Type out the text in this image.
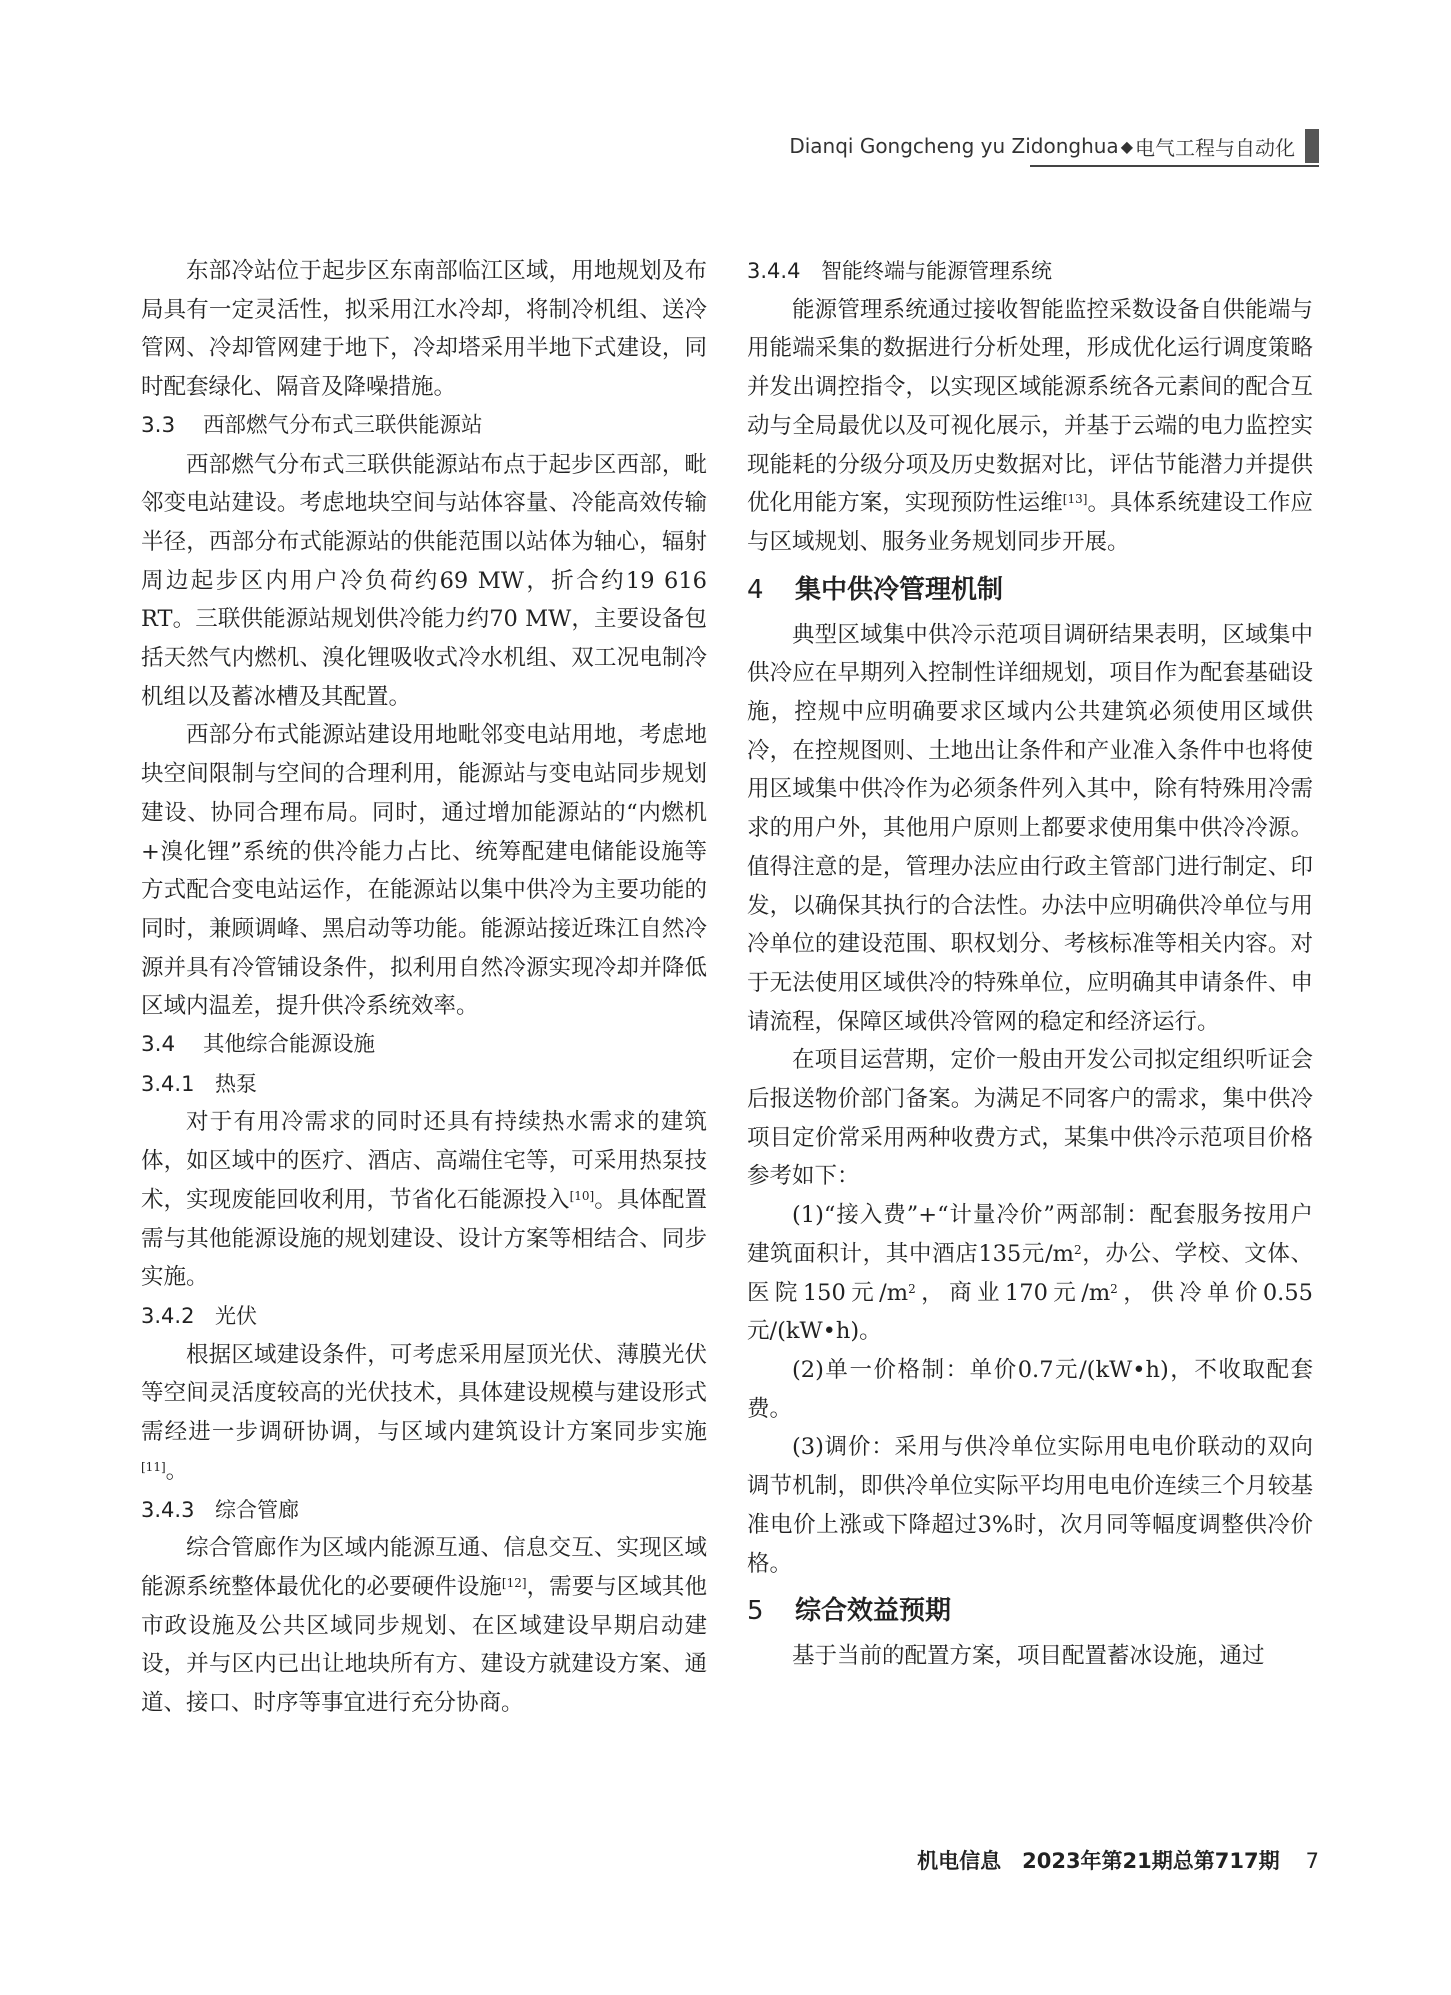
Dianqi Gongcheng yu Zidonghua ◆ 电气工程与自动化

东部冷站位于起步区东南部临江区域，用地规划及布局具有一定灵活性，拟采用江水冷却，将制冷机组、送冷管网、冷却管网建于地下，冷却塔采用半地下式建设，同时配套绿化、隔音及降噪措施。

3.3 西部燃气分布式三联供能源站

西部燃气分布式三联供能源站布点于起步区西部，毗邻变电站建设。考虑地块空间与站体容量、冷能高效传输半径，西部分布式能源站的供能范围以站体为轴心，辐射周边起步区内用户冷负荷约69 MW，折合约19 616 RT。三联供能源站规划供冷能力约70 MW，主要设备包括天然气内燃机、溴化锂吸收式冷水机组、双工况电制冷机组以及蓄冰槽及其配置。

西部分布式能源站建设用地毗邻变电站用地，考虑地块空间限制与空间的合理利用，能源站与变电站同步规划建设、协同合理布局。同时，通过增加能源站的“内燃机+溴化锂”系统的供冷能力占比、统筹配建电储能设施等方式配合变电站运作，在能源站以集中供冷为主要功能的同时，兼顾调峰、黑启动等功能。能源站接近珠江自然冷源并具有冷管铺设条件，拟利用自然冷源实现冷却并降低区域内温差，提升供冷系统效率。

3.4 其他综合能源设施

3.4.1 热泵

对于有用冷需求的同时还具有持续热水需求的建筑体，如区域中的医疗、酒店、高端住宅等，可采用热泵技术，实现废能回收利用，节省化石能源投入[10]。具体配置需与其他能源设施的规划建设、设计方案等相结合、同步实施。

3.4.2 光伏

根据区域建设条件，可考虑采用屋顶光伏、薄膜光伏等空间灵活度较高的光伏技术，具体建设规模与建设形式需经进一步调研协调，与区域内建筑设计方案同步实施[11]。

3.4.3 综合管廊

综合管廊作为区域内能源互通、信息交互、实现区域能源系统整体最优化的必要硬件设施[12]，需要与区域其他市政设施及公共区域同步规划、在区域建设早期启动建设，并与区内已出让地块所有方、建设方就建设方案、通道、接口、时序等事宜进行充分协商。

3.4.4 智能终端与能源管理系统

能源管理系统通过接收智能监控采数设备自供能端与用能端采集的数据进行分析处理，形成优化运行调度策略并发出调控指令，以实现区域能源系统各元素间的配合互动与全局最优以及可视化展示，并基于云端的电力监控实现能耗的分级分项及历史数据对比，评估节能潜力并提供优化用能方案，实现预防性运维[13]。具体系统建设工作应与区域规划、服务业务规划同步开展。

4 集中供冷管理机制

典型区域集中供冷示范项目调研结果表明，区域集中供冷应在早期列入控制性详细规划，项目作为配套基础设施，控规中应明确要求区域内公共建筑必须使用区域供冷，在控规图则、土地出让条件和产业准入条件中也将使用区域集中供冷作为必须条件列入其中，除有特殊用冷需求的用户外，其他用户原则上都要求使用集中供冷冷源。值得注意的是，管理办法应由行政主管部门进行制定、印发，以确保其执行的合法性。办法中应明确供冷单位与用冷单位的建设范围、职权划分、考核标准等相关内容。对于无法使用区域供冷的特殊单位，应明确其申请条件、申请流程，保障区域供冷管网的稳定和经济运行。

在项目运营期，定价一般由开发公司拟定组织听证会后报送物价部门备案。为满足不同客户的需求，集中供冷项目定价常采用两种收费方式，某集中供冷示范项目价格参考如下：

(1)“接入费”+“计量冷价”两部制：配套服务按用户建筑面积计，其中酒店135元$/m^2$，办公、学校、文体、医院150元$/m^2$，商业170元$/m^2$，供冷单价0.55元/(kW•h)。

(2)单一价格制：单价0.7元/(kW•h)，不收取配套费。

(3)调价：采用与供冷单位实际用电电价联动的双向调节机制，即供冷单位实际平均用电电价连续三个月较基准电价上涨或下降超过3%时，次月同等幅度调整供冷价格。

5 综合效益预期

基于当前的配置方案，项目配置蓄冰设施，通过

机电信息　2023年第21期总第717期 7
